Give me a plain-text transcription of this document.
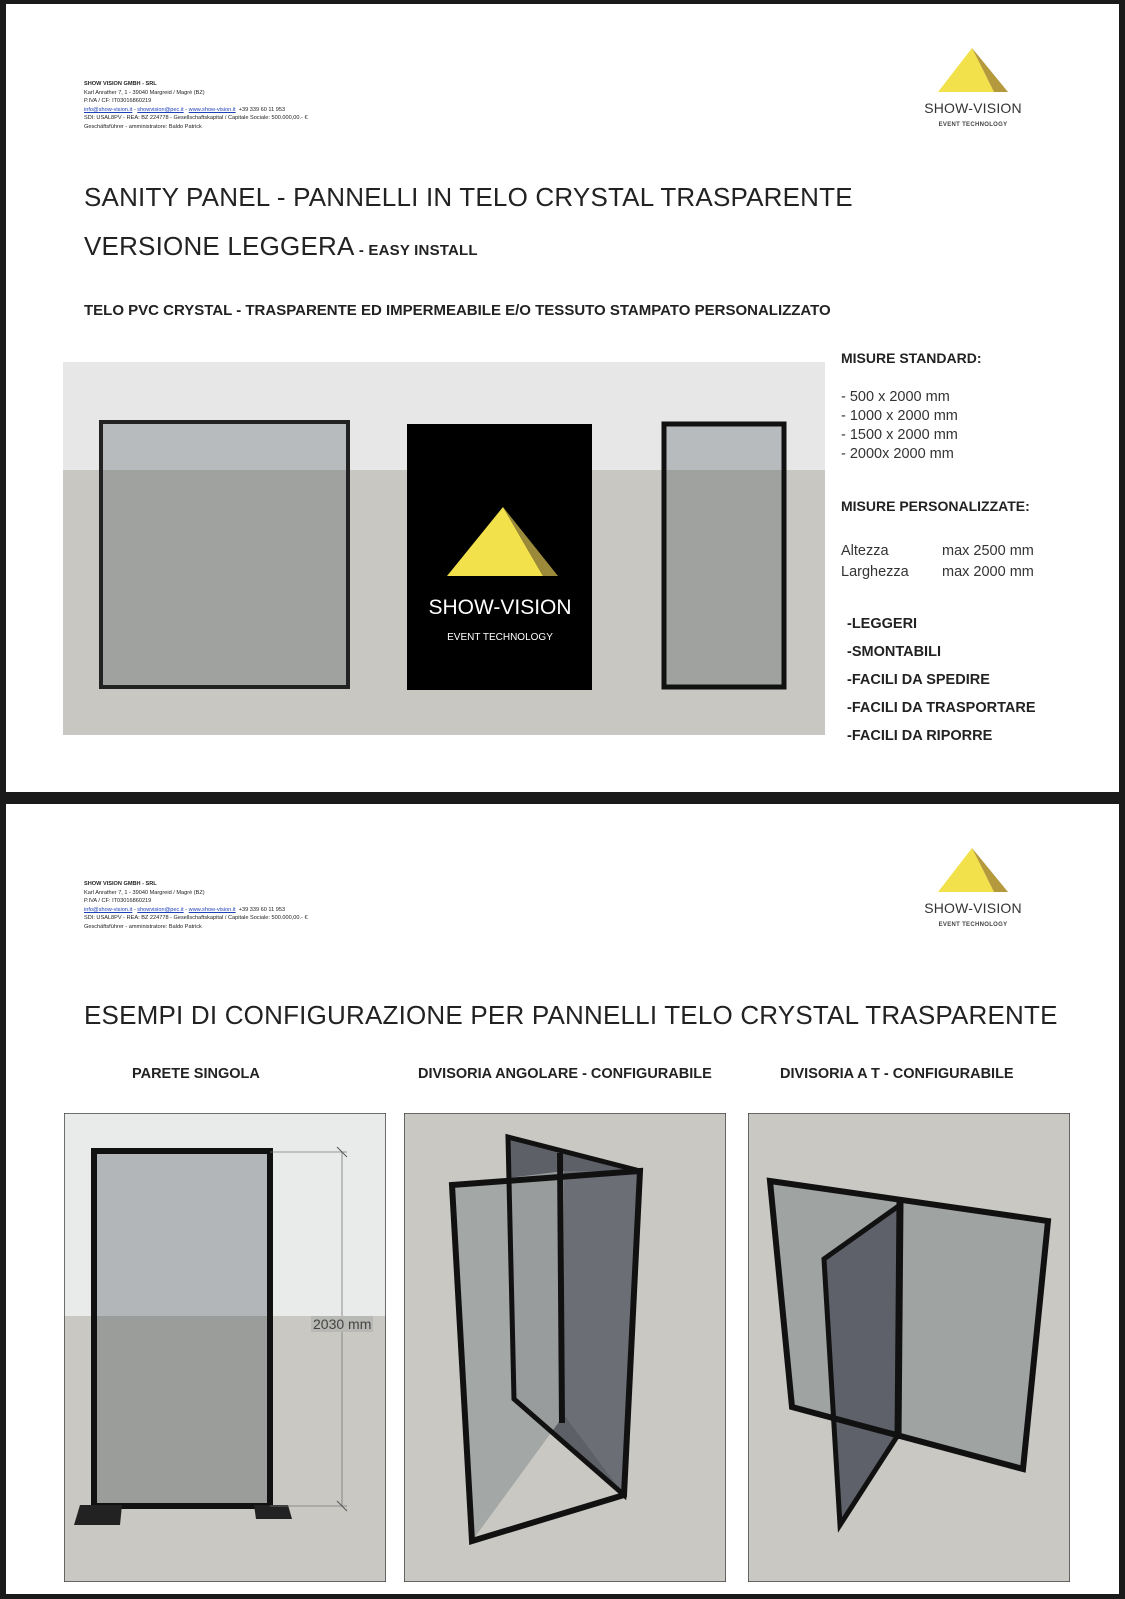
SHOW VISION GMBH - SRL
Karl Anrather 7, 1 - 39040 Margreid / Magrè (BZ)
P.IVA / CF: IT03016860219
info@show-vision.it - showvision@pec.it - www.show-vision.it +39 339 60 11 953
SDI: USAL8PV - REA: BZ 224778 - Gesellschaftskapital / Capitale Sociale: 500.000,00.- €
Geschäftsführer - amministratore: Baldo Patrick
SHOW-VISION
EVENT TECHNOLOGY
SANITY PANEL - PANNELLI IN TELO CRYSTAL TRASPARENTE
VERSIONE LEGGERA - EASY INSTALL
TELO PVC CRYSTAL - TRASPARENTE ED IMPERMEABILE E/O TESSUTO STAMPATO PERSONALIZZATO
SHOW-VISION
EVENT TECHNOLOGY
MISURE STANDARD:
- 500 x 2000 mm
- 1000 x 2000 mm
- 1500 x 2000 mm
- 2000x 2000 mm
MISURE PERSONALIZZATE:
Altezza	max 2500 mm
Larghezza max 2000 mm
-LEGGERI
-SMONTABILI
-FACILI DA SPEDIRE
-FACILI DA TRASPORTARE
-FACILI DA RIPORRE
SHOW VISION GMBH - SRL
Karl Anrather 7, 1 - 39040 Margreid / Magrè (BZ)
P.IVA / CF: IT03016860219
info@show-vision.it - showvision@pec.it - www.show-vision.it +39 339 60 11 953
SDI: USAL8PV - REA: BZ 224778 - Gesellschaftskapital / Capitale Sociale: 500.000,00.- €
Geschäftsführer - amministratore: Baldo Patrick
SHOW-VISION
EVENT TECHNOLOGY
ESEMPI DI CONFIGURAZIONE PER PANNELLI TELO CRYSTAL TRASPARENTE
PARETE SINGOLA	DIVISORIA ANGOLARE - CONFIGURABILE	DIVISORIA A T - CONFIGURABILE
2030 mm
